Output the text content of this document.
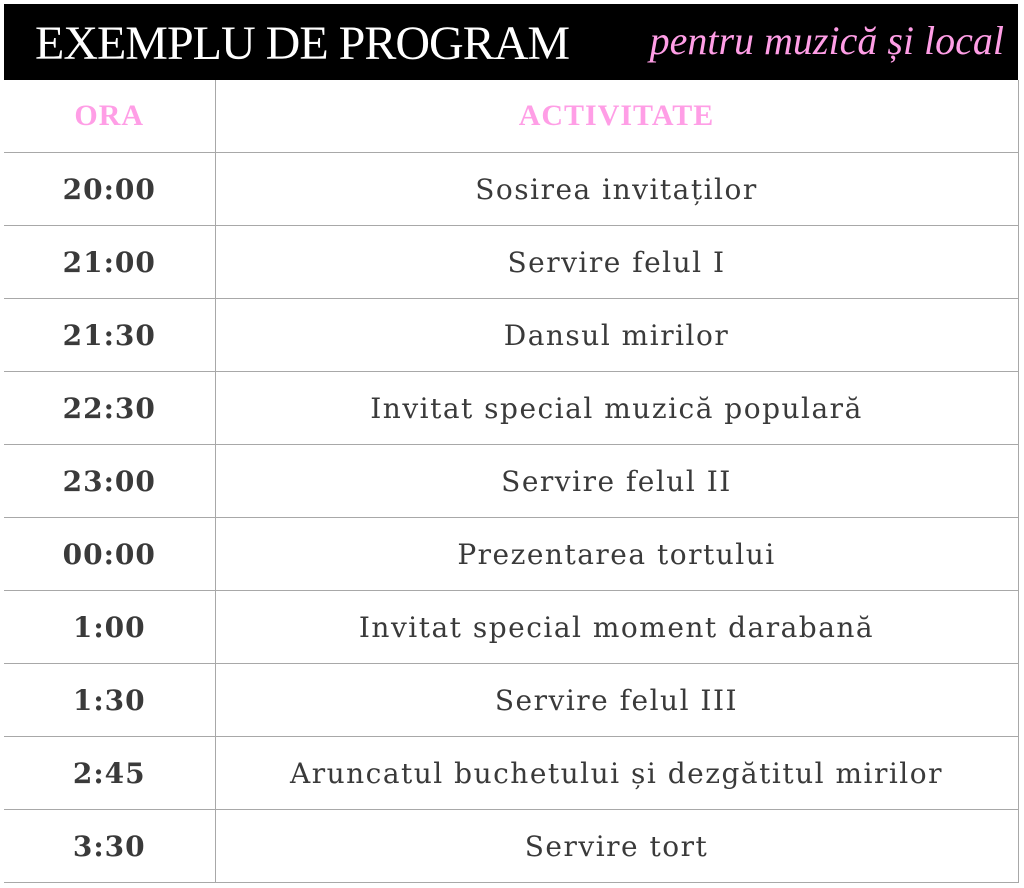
EXEMPLU DE PROGRAM pentru muzică și local
ORA	ACTIVITATE
20:00	Sosirea invitaților
21:00	Servire felul I
21:30	Dansul mirilor
22:30	Invitat special muzică populară
23:00	Servire felul II
00:00	Prezentarea tortului
1:00	Invitat special moment darabană
1:30	Servire felul III
2:45	Aruncatul buchetului și dezgătitul mirilor
3:30	Servire tort
